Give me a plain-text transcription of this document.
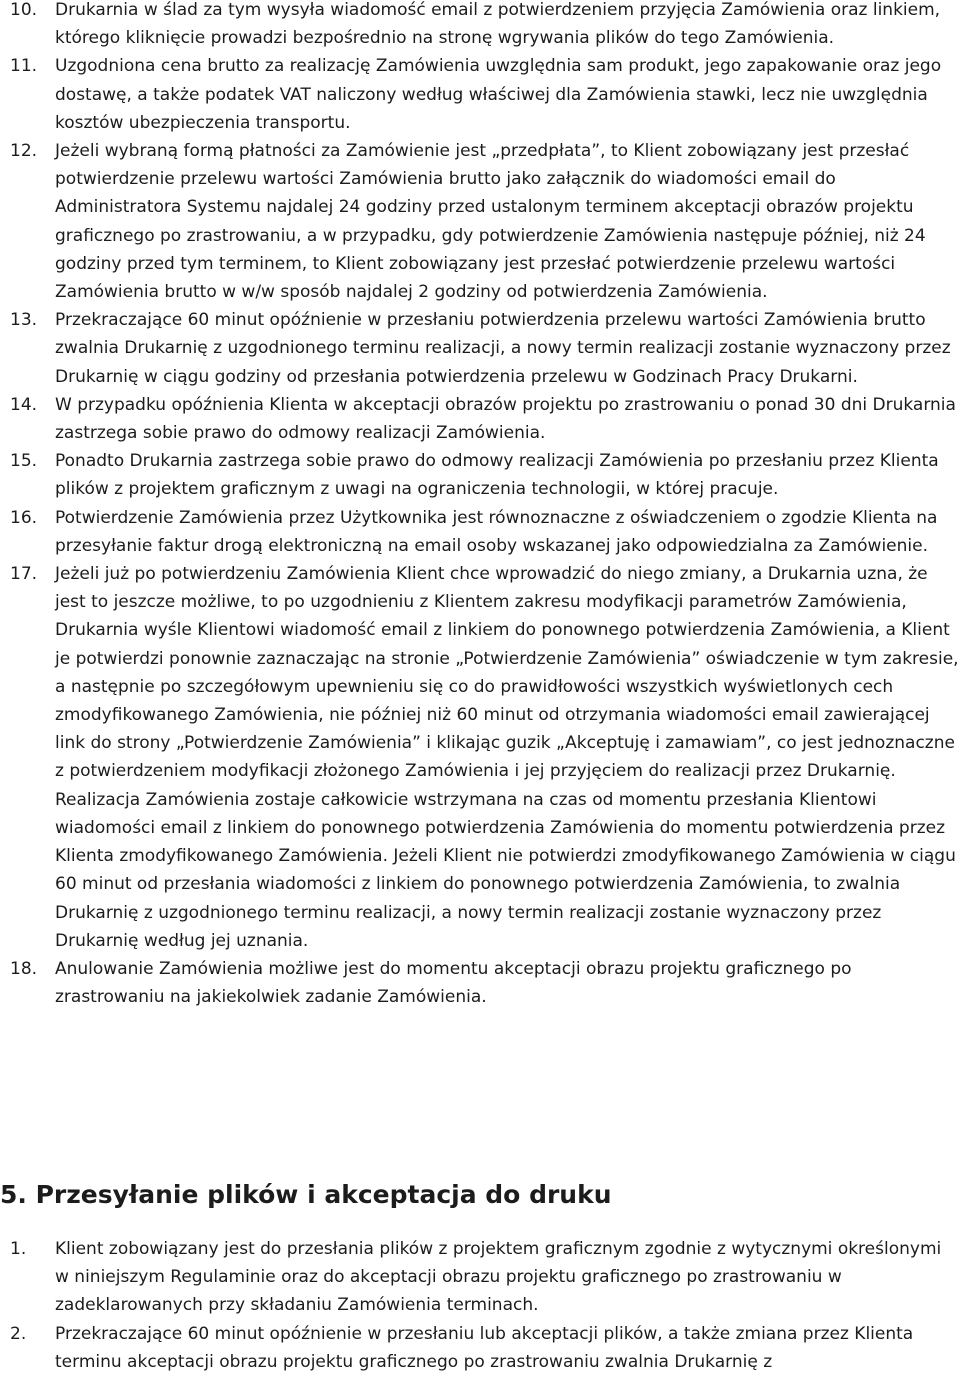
10. Drukarnia w ślad za tym wysyła wiadomość email z potwierdzeniem przyjęcia Zamówienia oraz linkiem, którego kliknięcie prowadzi bezpośrednio na stronę wgrywania plików do tego Zamówienia.
11. Uzgodniona cena brutto za realizację Zamówienia uwzględnia sam produkt, jego zapakowanie oraz jego dostawę, a także podatek VAT naliczony według właściwej dla Zamówienia stawki, lecz nie uwzględnia kosztów ubezpieczenia transportu.
12. Jeżeli wybraną formą płatności za Zamówienie jest „przedpłata”, to Klient zobowiązany jest przesłać potwierdzenie przelewu wartości Zamówienia brutto jako załącznik do wiadomości email do Administratora Systemu najdalej 24 godziny przed ustalonym terminem akceptacji obrazów projektu graficznego po zrastrowaniu, a w przypadku, gdy potwierdzenie Zamówienia następuje później, niż 24 godziny przed tym terminem, to Klient zobowiązany jest przesłać potwierdzenie przelewu wartości Zamówienia brutto w w/w sposób najdalej 2 godziny od potwierdzenia Zamówienia.
13. Przekraczające 60 minut opóźnienie w przesłaniu potwierdzenia przelewu wartości Zamówienia brutto zwalnia Drukarnię z uzgodnionego terminu realizacji, a nowy termin realizacji zostanie wyznaczony przez Drukarnię w ciągu godziny od przesłania potwierdzenia przelewu w Godzinach Pracy Drukarni.
14. W przypadku opóźnienia Klienta w akceptacji obrazów projektu po zrastrowaniu o ponad 30 dni Drukarnia zastrzega sobie prawo do odmowy realizacji Zamówienia.
15. Ponadto Drukarnia zastrzega sobie prawo do odmowy realizacji Zamówienia po przesłaniu przez Klienta plików z projektem graficznym z uwagi na ograniczenia technologii, w której pracuje.
16. Potwierdzenie Zamówienia przez Użytkownika jest równoznaczne z oświadczeniem o zgodzie Klienta na przesyłanie faktur drogą elektroniczną na email osoby wskazanej jako odpowiedzialna za Zamówienie.
17. Jeżeli już po potwierdzeniu Zamówienia Klient chce wprowadzić do niego zmiany, a Drukarnia uzna, że jest to jeszcze możliwe, to po uzgodnieniu z Klientem zakresu modyfikacji parametrów Zamówienia, Drukarnia wyśle Klientowi wiadomość email z linkiem do ponownego potwierdzenia Zamówienia, a Klient je potwierdzi ponownie zaznaczając na stronie „Potwierdzenie Zamówienia” oświadczenie w tym zakresie, a następnie po szczegółowym upewnieniu się co do prawidłowości wszystkich wyświetlonych cech zmodyfikowanego Zamówienia, nie później niż 60 minut od otrzymania wiadomości email zawierającej link do strony „Potwierdzenie Zamówienia” i klikając guzik „Akceptuję i zamawiam”, co jest jednoznaczne z potwierdzeniem modyfikacji złożonego Zamówienia i jej przyjęciem do realizacji przez Drukarnię. Realizacja Zamówienia zostaje całkowicie wstrzymana na czas od momentu przesłania Klientowi wiadomości email z linkiem do ponownego potwierdzenia Zamówienia do momentu potwierdzenia przez Klienta zmodyfikowanego Zamówienia. Jeżeli Klient nie potwierdzi zmodyfikowanego Zamówienia w ciągu 60 minut od przesłania wiadomości z linkiem do ponownego potwierdzenia Zamówienia, to zwalnia Drukarnię z uzgodnionego terminu realizacji, a nowy termin realizacji zostanie wyznaczony przez Drukarnię według jej uznania.
18. Anulowanie Zamówienia możliwe jest do momentu akceptacji obrazu projektu graficznego po zrastrowaniu na jakiekolwiek zadanie Zamówienia.
5. Przesyłanie plików i akceptacja do druku
1. Klient zobowiązany jest do przesłania plików z projektem graficznym zgodnie z wytycznymi określonymi w niniejszym Regulaminie oraz do akceptacji obrazu projektu graficznego po zrastrowaniu w zadeklarowanych przy składaniu Zamówienia terminach.
2. Przekraczające 60 minut opóźnienie w przesłaniu lub akceptacji plików, a także zmiana przez Klienta terminu akceptacji obrazu projektu graficznego po zrastrowaniu zwalnia Drukarnię z
